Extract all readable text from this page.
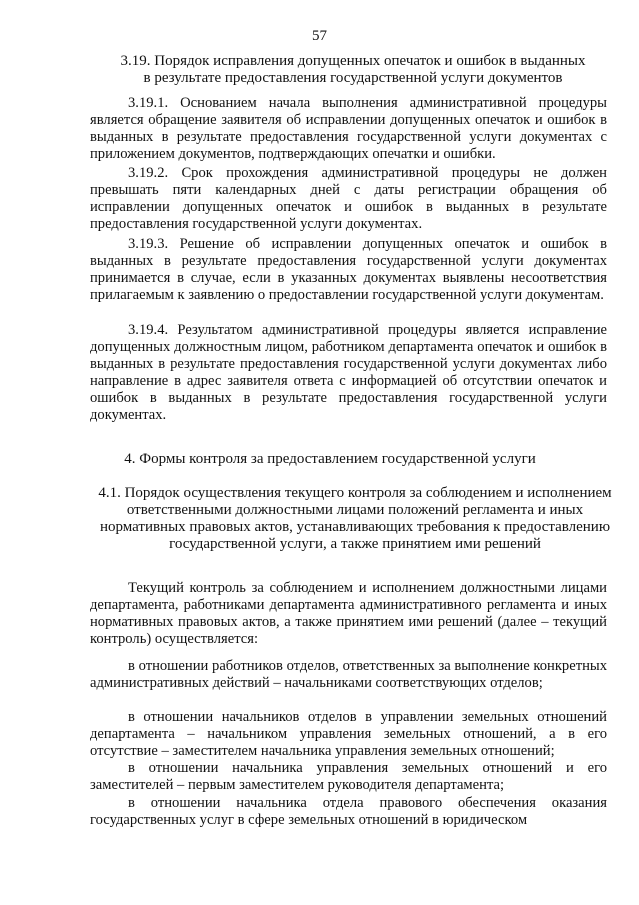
57
3.19. Порядок исправления допущенных опечаток и ошибок в выданных в результате предоставления государственной услуги документов

3.19.1. Основанием начала выполнения административной процедуры является обращение заявителя об исправлении допущенных опечаток и ошибок в выданных в результате предоставления государственной услуги документах с приложением документов, подтверждающих опечатки и ошибки.

3.19.2. Срок прохождения административной процедуры не должен превышать пяти календарных дней с даты регистрации обращения об исправлении допущенных опечаток и ошибок в выданных в результате предоставления государственной услуги документах.

3.19.3. Решение об исправлении допущенных опечаток и ошибок в выданных в результате предоставления государственной услуги документах принимается в случае, если в указанных документах выявлены несоответствия прилагаемым к заявлению о предоставлении государственной услуги документам.

3.19.4. Результатом административной процедуры является исправление допущенных должностным лицом, работником департамента опечаток и ошибок в выданных в результате предоставления государственной услуги документах либо направление в адрес заявителя ответа с информацией об отсутствии опечаток и ошибок в выданных в результате предоставления государственной услуги документах.

4. Формы контроля за предоставлением государственной услуги
4.1. Порядок осуществления текущего контроля за соблюдением и исполнением ответственными должностными лицами положений регламента и иных нормативных правовых актов, устанавливающих требования к предоставлению государственной услуги, а также принятием ими решений

Текущий контроль за соблюдением и исполнением должностными лицами департамента, работниками департамента административного регламента и иных нормативных правовых актов, а также принятием ими решений (далее – текущий контроль) осуществляется:

в отношении работников отделов, ответственных за выполнение конкретных административных действий – начальниками соответствующих отделов;

в отношении начальников отделов в управлении земельных отношений департамента – начальником управления земельных отношений, а в его отсутствие – заместителем начальника управления земельных отношений;

в отношении начальника управления земельных отношений и его заместителей – первым заместителем руководителя департамента;

в отношении начальника отдела правового обеспечения оказания государственных услуг в сфере земельных отношений в юридическом
